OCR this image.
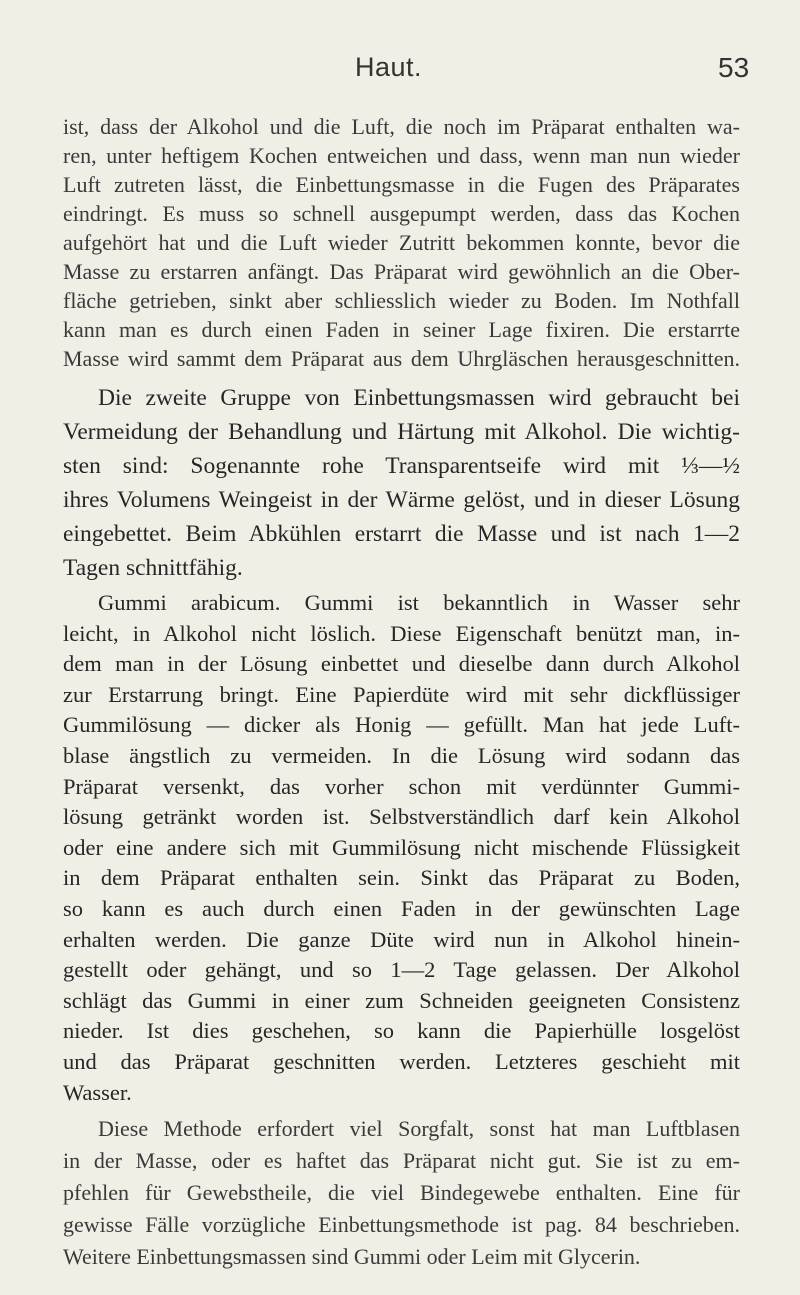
Haut.	53
ist, dass der Alkohol und die Luft, die noch im Präparat enthalten wa-
ren, unter heftigem Kochen entweichen und dass, wenn man nun wieder
Luft zutreten lässt, die Einbettungsmasse in die Fugen des Präparates
eindringt. Es muss so schnell ausgepumpt werden, dass das Kochen
aufgehört hat und die Luft wieder Zutritt bekommen konnte, bevor die
Masse zu erstarren anfängt. Das Präparat wird gewöhnlich an die Ober-
fläche getrieben, sinkt aber schliesslich wieder zu Boden. Im Nothfall
kann man es durch einen Faden in seiner Lage fixiren. Die erstarrte
Masse wird sammt dem Präparat aus dem Uhrgläschen herausgeschnitten.
Die zweite Gruppe von Einbettungsmassen wird gebraucht bei
Vermeidung der Behandlung und Härtung mit Alkohol. Die wichtig-
sten sind: Sogenannte rohe Transparentseife wird mit ⅓—½
ihres Volumens Weingeist in der Wärme gelöst, und in dieser Lösung
eingebettet. Beim Abkühlen erstarrt die Masse und ist nach 1—2
Tagen schnittfähig.
Gummi arabicum. Gummi ist bekanntlich in Wasser sehr
leicht, in Alkohol nicht löslich. Diese Eigenschaft benützt man, in-
dem man in der Lösung einbettet und dieselbe dann durch Alkohol
zur Erstarrung bringt. Eine Papierdüte wird mit sehr dickflüssiger
Gummilösung — dicker als Honig — gefüllt. Man hat jede Luft-
blase ängstlich zu vermeiden. In die Lösung wird sodann das
Präparat versenkt, das vorher schon mit verdünnter Gummi-
lösung getränkt worden ist. Selbstverständlich darf kein Alkohol
oder eine andere sich mit Gummilösung nicht mischende Flüssigkeit
in dem Präparat enthalten sein. Sinkt das Präparat zu Boden,
so kann es auch durch einen Faden in der gewünschten Lage
erhalten werden. Die ganze Düte wird nun in Alkohol hinein-
gestellt oder gehängt, und so 1—2 Tage gelassen. Der Alkohol
schlägt das Gummi in einer zum Schneiden geeigneten Consistenz
nieder. Ist dies geschehen, so kann die Papierhülle losgelöst
und das Präparat geschnitten werden. Letzteres geschieht mit
Wasser.
Diese Methode erfordert viel Sorgfalt, sonst hat man Luftblasen
in der Masse, oder es haftet das Präparat nicht gut. Sie ist zu em-
pfehlen für Gewebstheile, die viel Bindegewebe enthalten. Eine für
gewisse Fälle vorzügliche Einbettungsmethode ist pag. 84 beschrieben.
Weitere Einbettungsmassen sind Gummi oder Leim mit Glycerin.
